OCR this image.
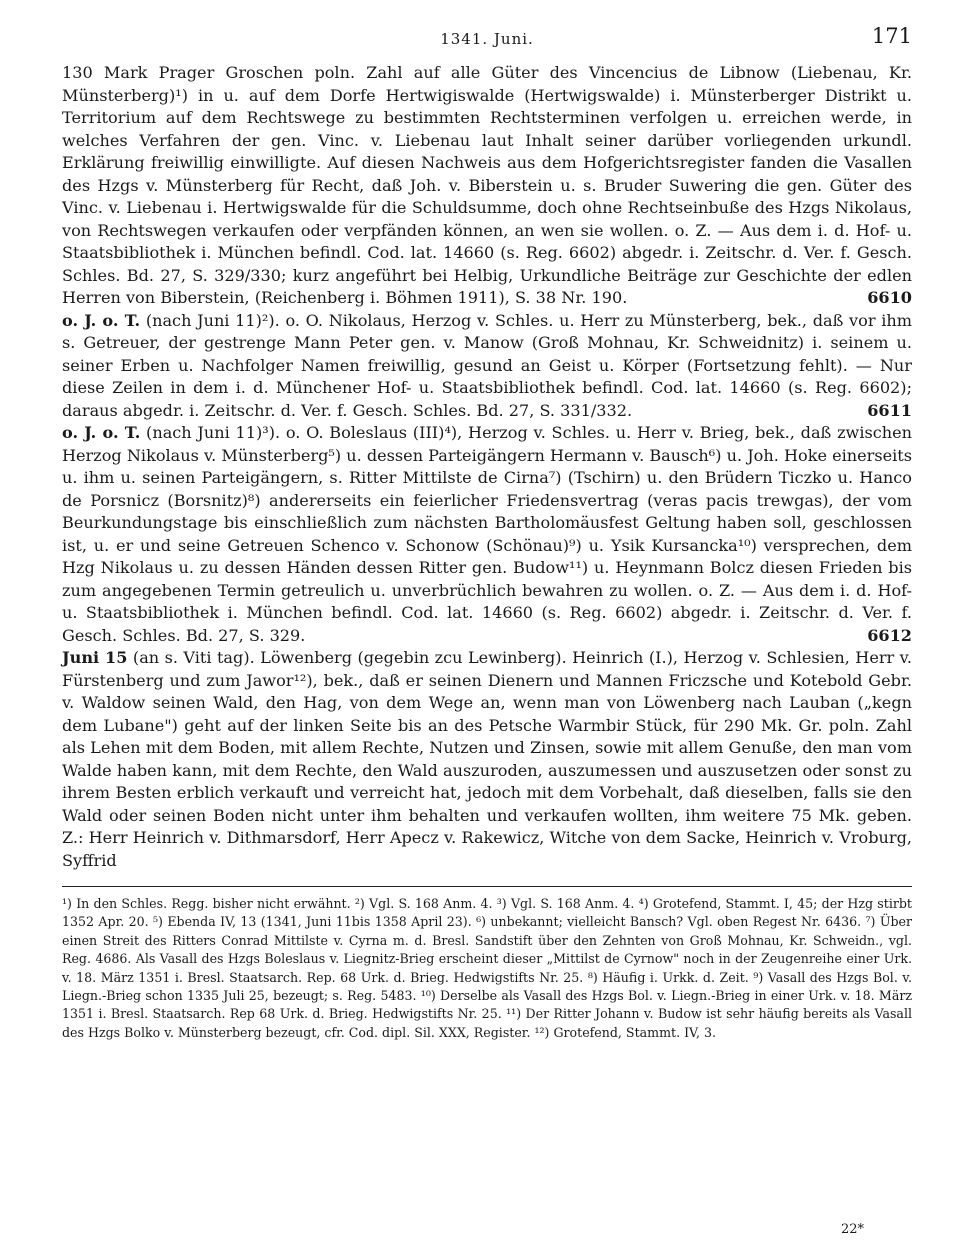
1341. Juni.	171

130 Mark Prager Groschen poln. Zahl auf alle Güter des Vincencius de Libnow (Liebenau, Kr. Münsterberg)¹) in u. auf dem Dorfe Hertwigiswalde (Hertwigswalde) i. Münsterberger Distrikt u. Territorium auf dem Rechtswege zu bestimmten Rechtsterminen verfolgen u. erreichen werde, in welches Verfahren der gen. Vinc. v. Liebenau laut Inhalt seiner darüber vorliegenden urkundl. Erklärung freiwillig einwilligte. Auf diesen Nachweis aus dem Hofgerichtsregister fanden die Vasallen des Hzgs v. Münsterberg für Recht, daß Joh. v. Biberstein u. s. Bruder Suwering die gen. Güter des Vinc. v. Liebenau i. Hertwigswalde für die Schuldsumme, doch ohne Rechtseinbuße des Hzgs Nikolaus, von Rechtswegen verkaufen oder verpfänden können, an wen sie wollen. o. Z. — Aus dem i. d. Hof- u. Staatsbibliothek i. München befindl. Cod. lat. 14660 (s. Reg. 6602) abgedr. i. Zeitschr. d. Ver. f. Gesch. Schles. Bd. 27, S. 329/330; kurz angeführt bei Helbig, Urkundliche Beiträge zur Geschichte der edlen Herren von Biberstein, (Reichenberg i. Böhmen 1911), S. 38 Nr. 190.	6610

o. J. o. T. (nach Juni 11)²). o. O. Nikolaus, Herzog v. Schles. u. Herr zu Münsterberg, bek., daß vor ihm s. Getreuer, der gestrenge Mann Peter gen. v. Manow (Groß Mohnau, Kr. Schweidnitz) i. seinem u. seiner Erben u. Nachfolger Namen freiwillig, gesund an Geist u. Körper (Fortsetzung fehlt). — Nur diese Zeilen in dem i. d. Münchener Hof- u. Staatsbibliothek befindl. Cod. lat. 14660 (s. Reg. 6602); daraus abgedr. i. Zeitschr. d. Ver. f. Gesch. Schles. Bd. 27, S. 331/332.	6611

o. J. o. T. (nach Juni 11)³). o. O. Boleslaus (III)⁴), Herzog v. Schles. u. Herr v. Brieg, bek., daß zwischen Herzog Nikolaus v. Münsterberg⁵) u. dessen Parteigängern Hermann v. Bausch⁶) u. Joh. Hoke einerseits u. ihm u. seinen Parteigängern, s. Ritter Mittilste de Cirna⁷) (Tschirn) u. den Brüdern Ticzko u. Hanco de Porsnicz (Borsnitz)⁸) andererseits ein feierlicher Friedensvertrag (veras pacis trewgas), der vom Beurkundungstage bis einschließlich zum nächsten Bartholomäusfest Geltung haben soll, geschlossen ist, u. er und seine Getreuen Schenco v. Schonow (Schönau)⁹) u. Ysik Kursancka¹⁰) versprechen, dem Hzg Nikolaus u. zu dessen Händen dessen Ritter gen. Budow¹¹) u. Heynmann Bolcz diesen Frieden bis zum angegebenen Termin getreulich u. unverbrüchlich bewahren zu wollen. o. Z. — Aus dem i. d. Hof- u. Staatsbibliothek i. München befindl. Cod. lat. 14660 (s. Reg. 6602) abgedr. i. Zeitschr. d. Ver. f. Gesch. Schles. Bd. 27, S. 329.	6612

Juni 15 (an s. Viti tag). Löwenberg (gegebin zcu Lewinberg). Heinrich (I.), Herzog v. Schlesien, Herr v. Fürstenberg und zum Jawor¹²), bek., daß er seinen Dienern und Mannen Friczsche und Kotebold Gebr. v. Waldow seinen Wald, den Hag, von dem Wege an, wenn man von Löwenberg nach Lauban („kegn dem Lubane") geht auf der linken Seite bis an des Petsche Warmbir Stück, für 290 Mk. Gr. poln. Zahl als Lehen mit dem Boden, mit allem Rechte, Nutzen und Zinsen, sowie mit allem Genuße, den man vom Walde haben kann, mit dem Rechte, den Wald auszuroden, auszumessen und auszusetzen oder sonst zu ihrem Besten erblich verkauft und verreicht hat, jedoch mit dem Vorbehalt, daß dieselben, falls sie den Wald oder seinen Boden nicht unter ihm behalten und verkaufen wollten, ihm weitere 75 Mk. geben. Z.: Herr Heinrich v. Dithmarsdorf, Herr Apecz v. Rakewicz, Witche von dem Sacke, Heinrich v. Vroburg, Syffrid

¹) In den Schles. Regg. bisher nicht erwähnt. ²) Vgl. S. 168 Anm. 4. ³) Vgl. S. 168 Anm. 4. ⁴) Grotefend, Stammt. I, 45; der Hzg stirbt 1352 Apr. 20. ⁵) Ebenda IV, 13 (1341, Juni 11bis 1358 April 23). ⁶) unbekannt; vielleicht Bansch? Vgl. oben Regest Nr. 6436. ⁷) Über einen Streit des Ritters Conrad Mittilste v. Cyrna m. d. Bresl. Sandstift über den Zehnten von Groß Mohnau, Kr. Schweidn., vgl. Reg. 4686. Als Vasall des Hzgs Boleslaus v. Liegnitz-Brieg erscheint dieser „Mittilst de Cyrnow" noch in der Zeugenreihe einer Urk. v. 18. März 1351 i. Bresl. Staatsarch. Rep. 68 Urk. d. Brieg. Hedwigstifts Nr. 25. ⁸) Häufig i. Urkk. d. Zeit. ⁹) Vasall des Hzgs Bol. v. Liegn.-Brieg schon 1335 Juli 25, bezeugt; s. Reg. 5483. ¹⁰) Derselbe als Vasall des Hzgs Bol. v. Liegn.-Brieg in einer Urk. v. 18. März 1351 i. Bresl. Staatsarch. Rep 68 Urk. d. Brieg. Hedwigstifts Nr. 25. ¹¹) Der Ritter Johann v. Budow ist sehr häufig bereits als Vasall des Hzgs Bolko v. Münsterberg bezeugt, cfr. Cod. dipl. Sil. XXX, Register. ¹²) Grotefend, Stammt. IV, 3.

22*
